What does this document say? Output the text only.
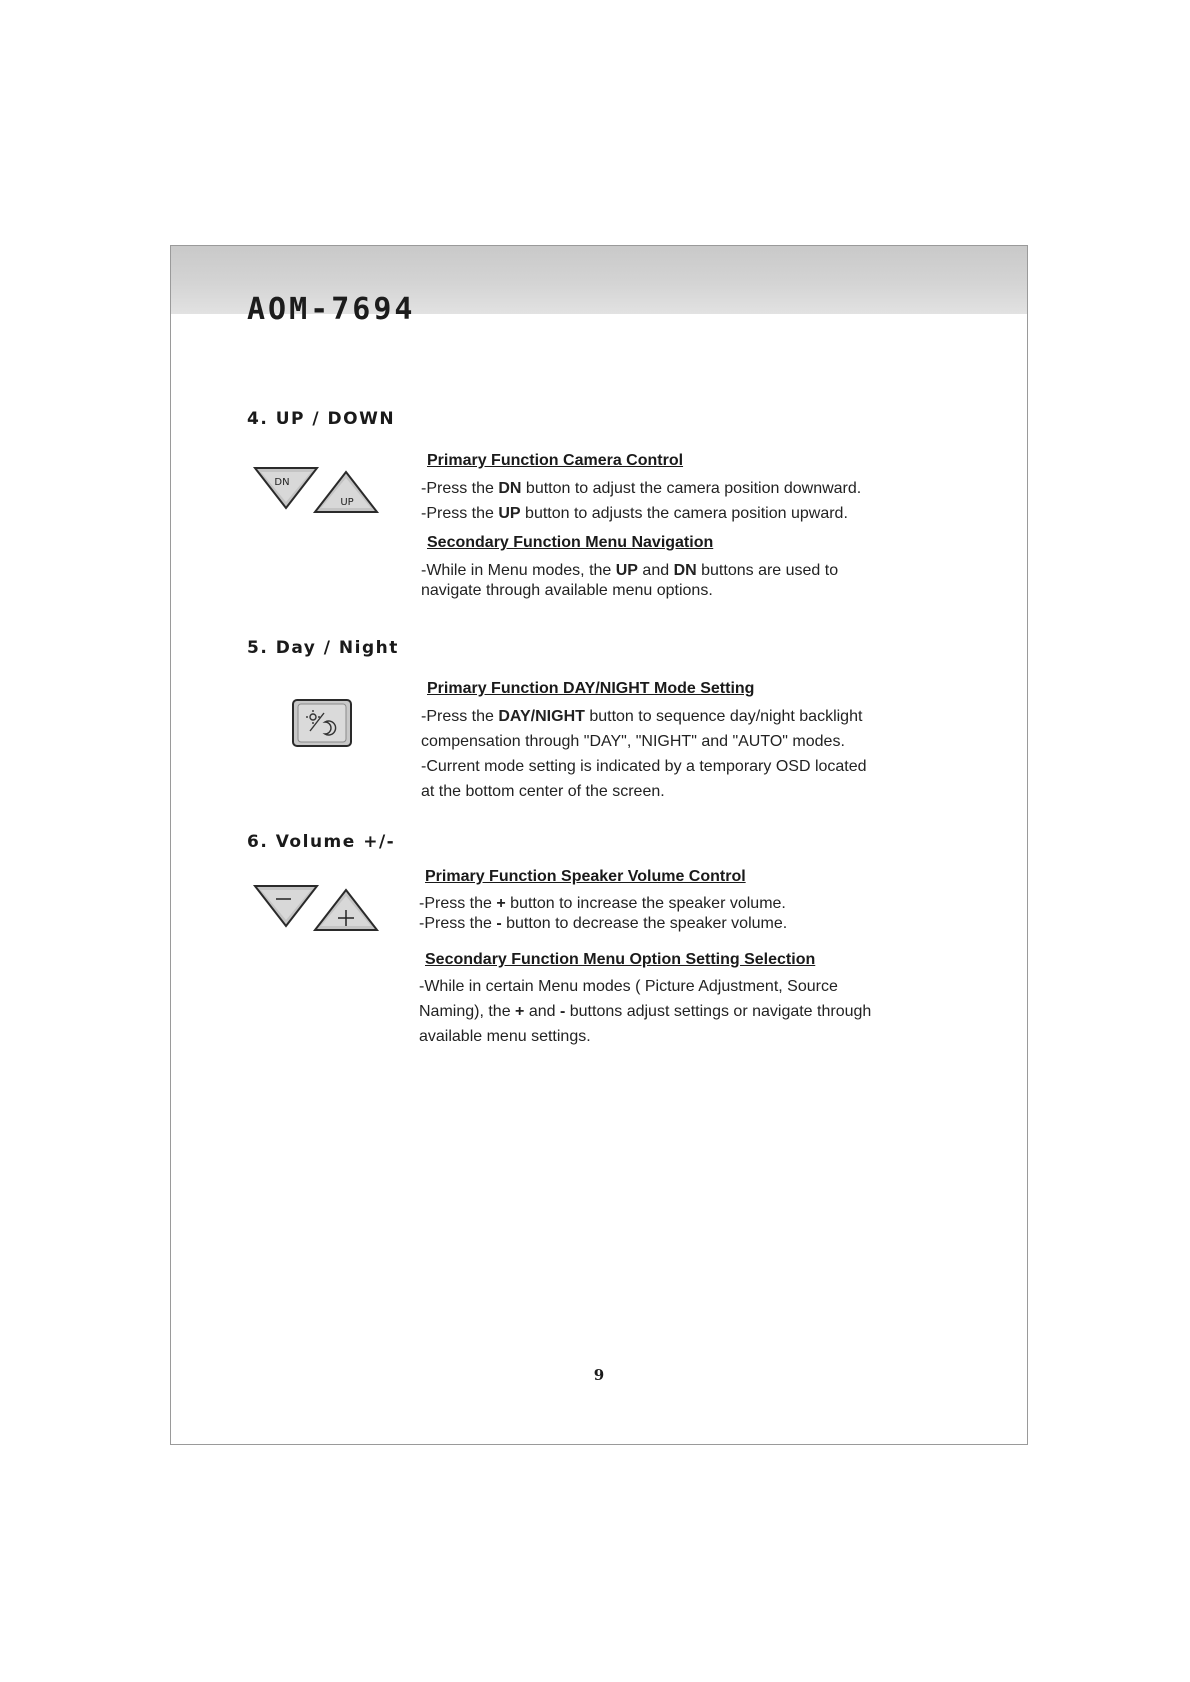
AOM-7694
4. UP / DOWN
DN
UP

Primary Function Camera Control

-Press the DN button to adjust the camera position downward.

-Press the UP button to adjusts the camera position upward.

Secondary Function Menu Navigation

-While in Menu modes, the UP and DN buttons are used to

navigate through available menu options.

5. Day / Night

Primary Function DAY/NIGHT Mode Setting

-Press the DAY/NIGHT button to sequence day/night backlight

compensation through "DAY", "NIGHT" and "AUTO" modes.

-Current mode setting is indicated by a temporary OSD located

at the bottom center of the screen.

6. Volume +/-

Primary Function Speaker Volume Control

-Press the + button to increase the speaker volume.

-Press the - button to decrease the speaker volume.

Secondary Function Menu Option Setting Selection

-While in certain Menu modes ( Picture Adjustment, Source

Naming), the + and - buttons adjust settings or navigate through

available menu settings.

9
